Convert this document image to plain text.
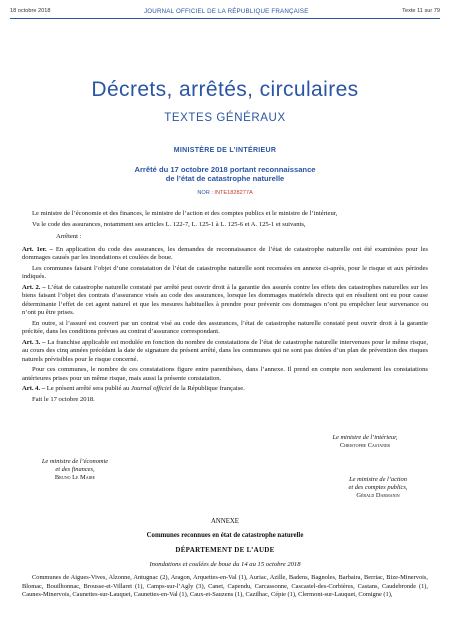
18 octobre 2018	JOURNAL OFFICIEL DE LA RÉPUBLIQUE FRANÇAISE	Texte 11 sur 79
Décrets, arrêtés, circulaires
TEXTES GÉNÉRAUX
MINISTÈRE DE L’INTÉRIEUR
Arrêté du 17 octobre 2018 portant reconnaissance
de l’état de catastrophe naturelle
NOR : INTE1828277A

Le ministre de l’économie et des finances, le ministre de l’action et des comptes publics et le ministre de l’intérieur,

Vu le code des assurances, notamment ses articles L. 122-7, L. 125-1 à L. 125-6 et A. 125-1 et suivants,

Arrêtent :

Art. 1er. – En application du code des assurances, les demandes de reconnaissance de l’état de catastrophe naturelle ont été examinées pour les dommages causés par les inondations et coulées de boue.

Les communes faisant l’objet d’une constatation de l’état de catastrophe naturelle sont recensées en annexe ci-après, pour le risque et aux périodes indiqués.

Art. 2. – L’état de catastrophe naturelle constaté par arrêté peut ouvrir droit à la garantie des assurés contre les effets des catastrophes naturelles sur les biens faisant l’objet des contrats d’assurance visés au code des assurances, lorsque les dommages matériels directs qui en résultent ont eu pour cause déterminante l’effet de cet agent naturel et que les mesures habituelles à prendre pour prévenir ces dommages n’ont pu empêcher leur survenance ou n’ont pu être prises.

En outre, si l’assuré est couvert par un contrat visé au code des assurances, l’état de catastrophe naturelle constaté peut ouvrir droit à la garantie précitée, dans les conditions prévues au contrat d’assurance correspondant.

Art. 3. – La franchise applicable est modulée en fonction du nombre de constatations de l’état de catastrophe naturelle intervenues pour le même risque, au cours des cinq années précédant la date de signature du présent arrêté, dans les communes qui ne sont pas dotées d’un plan de prévention des risques naturels prévisibles pour le risque concerné.

Pour ces communes, le nombre de ces constatations figure entre parenthèses, dans l’annexe. Il prend en compte non seulement les constatations antérieures prises pour un même risque, mais aussi la présente constatation.

Art. 4. – Le présent arrêté sera publié au Journal officiel de la République française.

Fait le 17 octobre 2018.

Le ministre de l’intérieur,
Christophe Castaner
Le ministre de l’économie
et des finances,
Bruno Le Maire	Le ministre de l’action
et des comptes publics,
Gérald Darmanin
ANNEXE
Communes reconnues en état de catastrophe naturelle
DÉPARTEMENT DE L’AUDE
Inondations et coulées de boue du 14 au 15 octobre 2018
Communes de Aigues-Vives, Alzonne, Antugnac (2), Aragon, Arquettes-en-Val (1), Auriac, Azille, Badens, Bagnoles, Barbaira, Berriac, Bize-Minervois, Blomac, Bouilhonnac, Brousse-et-Villaret (1), Camps-sur-l’Agly (3), Canet, Capendu, Carcassonne, Cascastel-des-Corbières, Castans, Caudebronde (1), Caunes-Minervois, Caunettes-sur-Lauquet, Caunettes-en-Val (1), Caux-et-Sauzens (1), Cazilhac, Cépie (1), Clermont-sur-Lauquet, Comigne (1),
